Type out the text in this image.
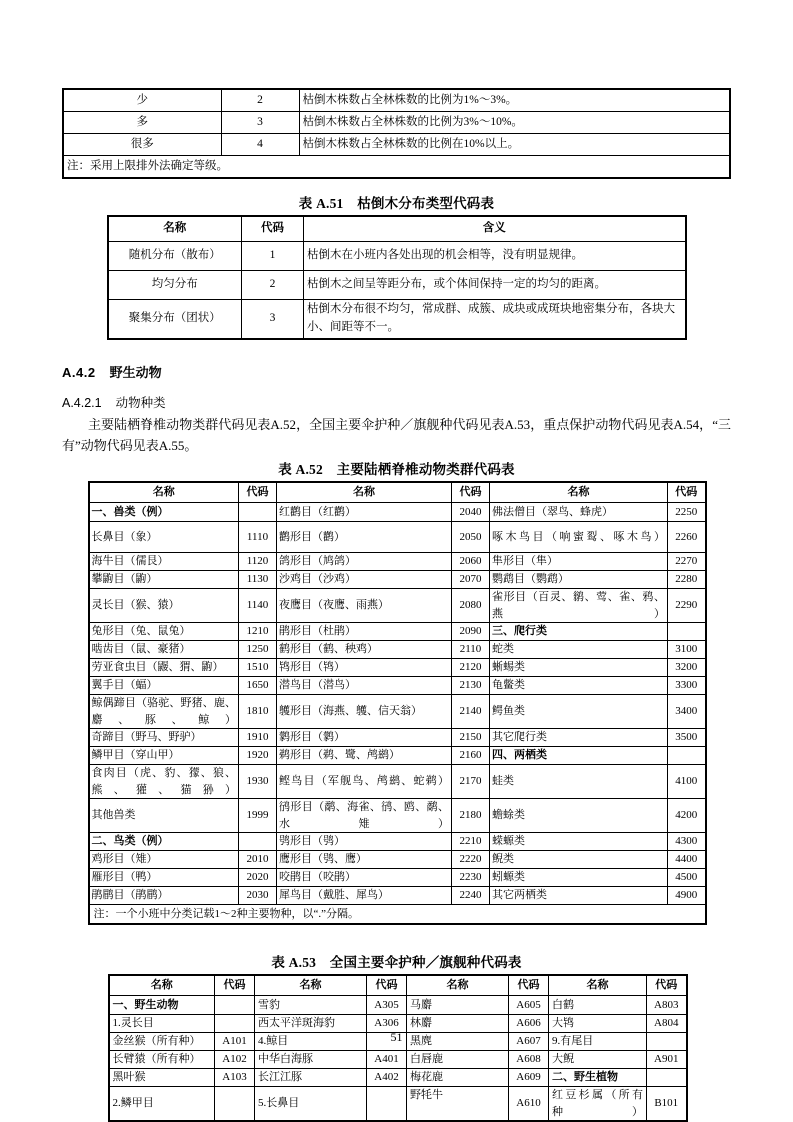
少	2	枯倒木株数占全林株数的比例为1%～3%。
多	3	枯倒木株数占全林株数的比例为3%～10%。
很多	4	枯倒木株数占全林株数的比例在10%以上。
注：采用上限排外法确定等级。		
表 A.51　枯倒木分布类型代码表
名称	代码	含义
随机分布（散布）	1	枯倒木在小班内各处出现的机会相等，没有明显规律。
均匀分布	2	枯倒木之间呈等距分布，或个体间保持一定的均匀的距离。
聚集分布（团状）	3	枯倒木分布很不均匀，常成群、成簇、成块或成斑块地密集分布，各块大小、间距等不一。
A.4.2 野生动物
A.4.2.1 动物种类
主要陆栖脊椎动物类群代码见表A.52，全国主要伞护种／旗舰种代码见表A.53，重点保护动物代码见表A.54，“三有”动物代码见表A.55。
表 A.52　主要陆栖脊椎动物类群代码表
名称	代码	名称	代码	名称	代码
一、兽类（例）		红鹳目（红鹳）	2040	佛法僧目（翠鸟、蜂虎）	2250
长鼻目（象）	1110	鹳形目（鹳）	2050	啄木鸟目（响蜜䴕、啄木鸟）	2260
海牛目（儒艮）	1120	鸽形目（鸠鸽）	2060	隼形目（隼）	2270
攀鼩目（鼩）	1130	沙鸡目（沙鸡）	2070	鹦鹉目（鹦鹉）	2280
灵长目（猴、猿）	1140	夜鹰目（夜鹰、雨燕）	2080	雀形目（百灵、鹟、莺、雀、鸦、燕）	2290
兔形目（兔、鼠兔）	1210	鹃形目（杜鹃）	2090	三、爬行类	
啮齿目（鼠、豪猪）	1250	鹤形目（鹤、秧鸡）	2110	蛇类	3100
劳亚食虫目（鼹、猬、鼩）	1510	鸨形目（鸨）	2120	蜥蜴类	3200
翼手目（蝠）	1650	潜鸟目（潜鸟）	2130	龟鳖类	3300
鲸偶蹄目（骆驼、野猪、鹿、麝、豚、鲸）	1810	鹱形目（海燕、鹱、信天翁）	2140	鳄鱼类	3400
奇蹄目（野马、野驴）	1910	鹲形目（鹲）	2150	其它爬行类	3500
鳞甲目（穿山甲）	1920	鹈形目（鹈、鹭、鸬鹚）	2160	四、两栖类	
食肉目（虎、豹、獴、狼、熊、獾、猫狲）	1930	鲣鸟目（军舰鸟、鸬鹚、蛇鹈）	2170	蛙类	4100
其他兽类	1999	鸻形目（鹬、海雀、鸻、鸥、鹬、水雉）	2180	蟾蜍类	4200
二、鸟类（例）		鸮形目（鸮）	2210	蝾螈类	4300
鸡形目（雉）	2010	鹰形目（鸮、鹰）	2220	鲵类	4400
雁形目（鸭）	2020	咬鹃目（咬鹃）	2230	蚓螈类	4500
鹃鹛目（鹃鹛）	2030	犀鸟目（戴胜、犀鸟）	2240	其它两栖类	4900
注：一个小班中分类记载1～2种主要物种，以“.”分隔。					
表 A.53　全国主要伞护种／旗舰种代码表
名称	代码	名称	代码	名称	代码	名称	代码
一、野生动物		雪豹	A305	马麝	A605	白鹤	A803
1.灵长目		西太平洋斑海豹	A306	林麝	A606	大鸨	A804
金丝猴（所有种）	A101	4.鲸目		黑麂	A607	9.有尾目	
长臂猿（所有种）	A102	中华白海豚	A401	白唇鹿	A608	大鲵	A901
黑叶猴	A103	长江江豚	A402	梅花鹿	A609	二、野生植物	
2.鳞甲目		5.长鼻目		野牦牛	A610	红豆杉属（所有种）	B101
51
